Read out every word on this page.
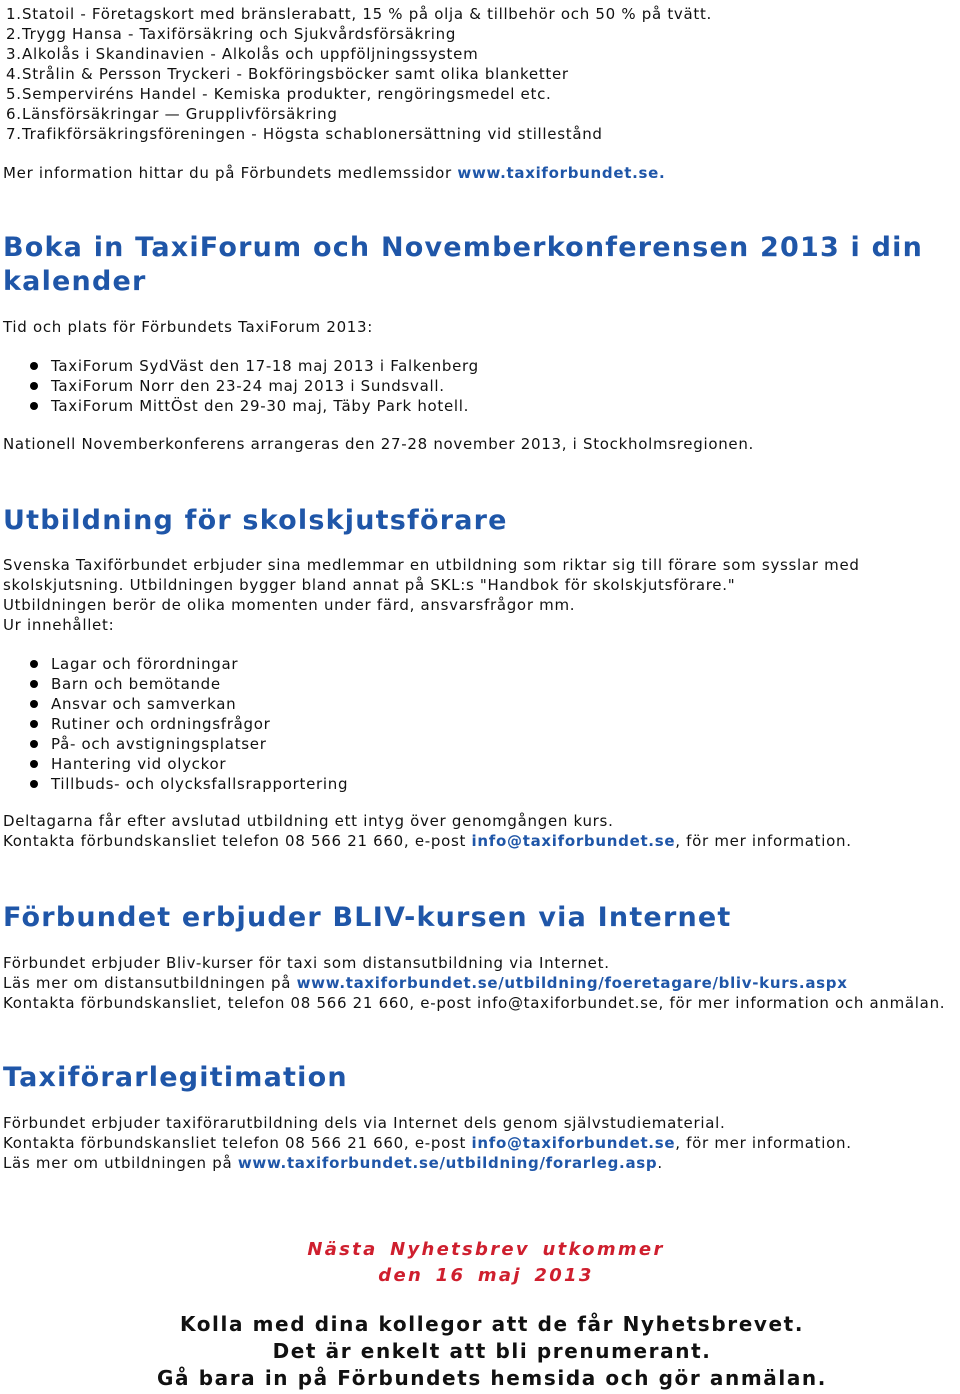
1.Statoil - Företagskort med bränslerabatt, 15 % på olja & tillbehör och 50 % på tvätt.
2.Trygg Hansa - Taxiförsäkring och Sjukvårdsförsäkring
3.Alkolås i Skandinavien - Alkolås och uppföljningssystem
4.Strålin & Persson Tryckeri - Bokföringsböcker samt olika blanketter
5.Semperviréns Handel - Kemiska produkter, rengöringsmedel etc.
6.Länsförsäkringar — Grupplivförsäkring
7.Trafikförsäkringsföreningen - Högsta schablonersättning vid stillestånd

Mer information hittar du på Förbundets medlemssidor www.taxiforbundet.se.

Boka in TaxiForum och Novemberkonferensen 2013 i din
kalender

Tid och plats för Förbundets TaxiForum 2013:

TaxiForum SydVäst den 17-18 maj 2013 i Falkenberg
TaxiForum Norr den 23-24 maj 2013 i Sundsvall.
TaxiForum MittÖst den 29-30 maj, Täby Park hotell.

Nationell Novemberkonferens arrangeras den 27-28 november 2013, i Stockholmsregionen.

Utbildning för skolskjutsförare
Svenska Taxiförbundet erbjuder sina medlemmar en utbildning som riktar sig till förare som sysslar med
skolskjutsning. Utbildningen bygger bland annat på SKL:s "Handbok för skolskjutsförare."
Utbildningen berör de olika momenten under färd, ansvarsfrågor mm.
Ur innehållet:
Lagar och förordningar
Barn och bemötande
Ansvar och samverkan
Rutiner och ordningsfrågor
På- och avstigningsplatser
Hantering vid olyckor
Tillbuds- och olycksfallsrapportering
Deltagarna får efter avslutad utbildning ett intyg över genomgången kurs.
Kontakta förbundskansliet telefon 08 566 21 660, e-post info@taxiforbundet.se, för mer information.
Förbundet erbjuder BLIV-kursen via Internet
Förbundet erbjuder Bliv-kurser för taxi som distansutbildning via Internet.
Läs mer om distansutbildningen på www.taxiforbundet.se/utbildning/foeretagare/bliv-kurs.aspx
Kontakta förbundskansliet, telefon 08 566 21 660, e-post info@taxiforbundet.se, för mer information och anmälan.
Taxiförarlegitimation
Förbundet erbjuder taxiförarutbildning dels via Internet dels genom självstudiematerial.
Kontakta förbundskansliet telefon 08 566 21 660, e-post info@taxiforbundet.se, för mer information.
Läs mer om utbildningen på www.taxiforbundet.se/utbildning/forarleg.asp.
Nästa Nyhetsbrev utkommer
den 16 maj 2013
Kolla med dina kollegor att de får Nyhetsbrevet.
Det är enkelt att bli prenumerant.
Gå bara in på Förbundets hemsida och gör anmälan.
